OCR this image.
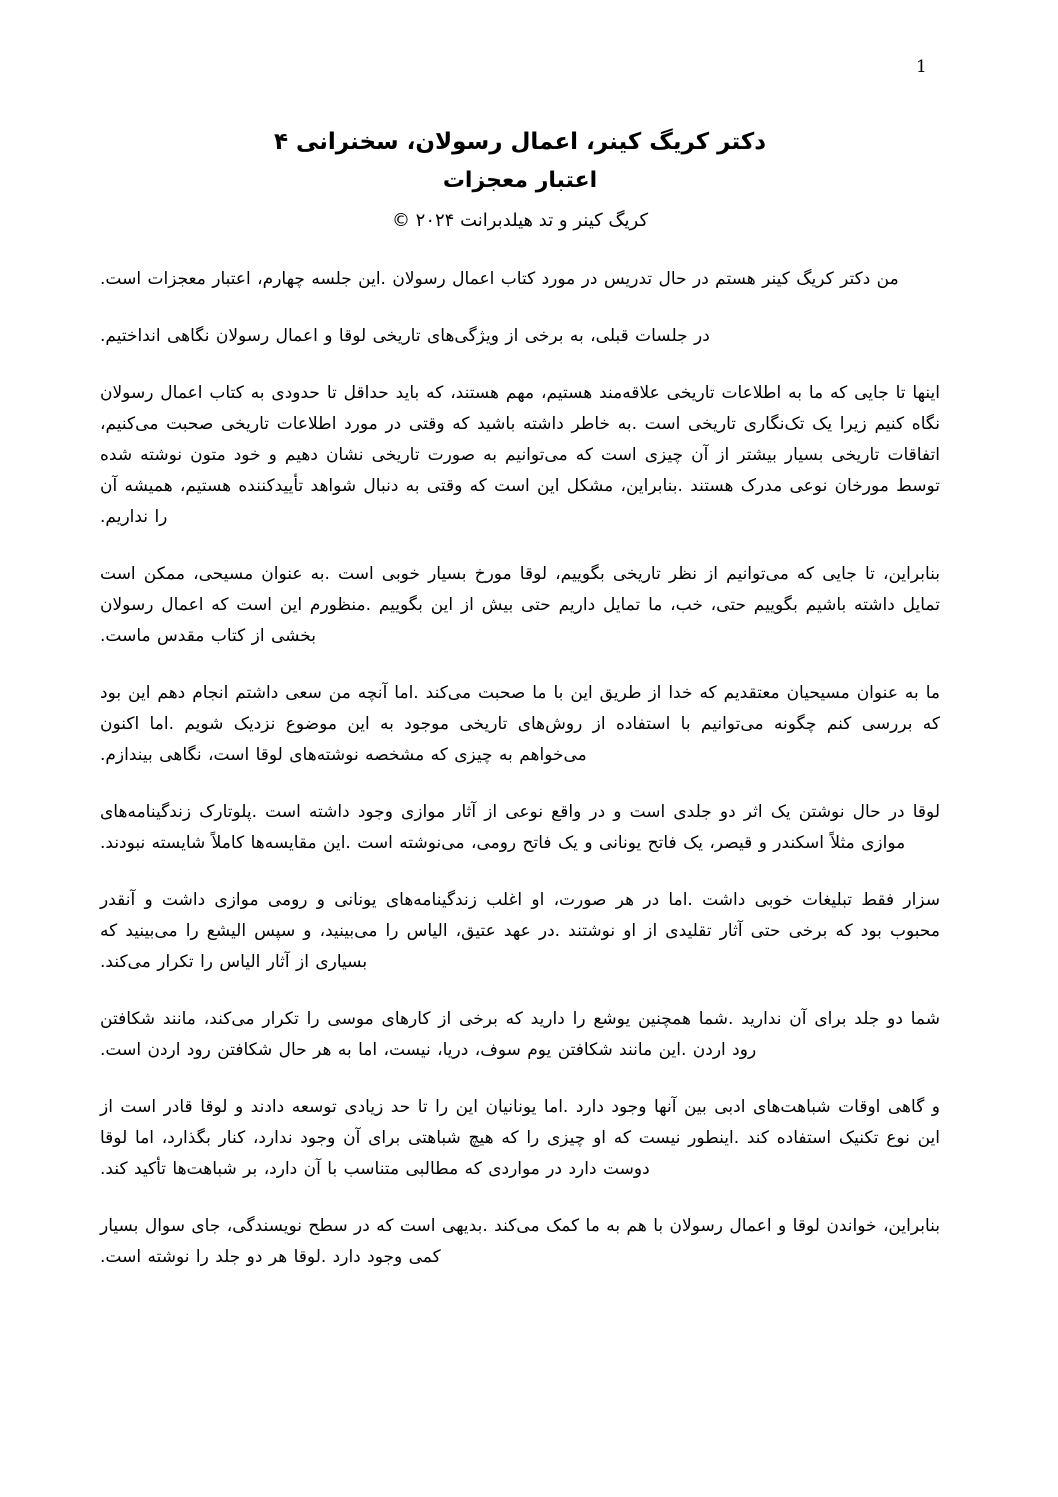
1
دکتر کریگ کینر، اعمال رسولان، سخنرانی ۴
اعتبار معجزات
کریگ کینر و تد هیلدبرانت ۲۰۲۴ ©

من دکتر کریگ کینر هستم در حال تدریس در مورد کتاب اعمال رسولان .این جلسه چهارم، اعتبار معجزات است.‏

در جلسات قبلی، به برخی از ویژگی‌های تاریخی لوقا و اعمال رسولان نگاهی انداختیم.‏

اینها تا جایی که ما به اطلاعات تاریخی علاقه‌مند هستیم، مهم هستند، که باید حداقل تا حدودی به کتاب اعمال رسولان نگاه کنیم زیرا یک تک‌نگاری تاریخی است .به خاطر داشته باشید که وقتی در مورد اطلاعات تاریخی صحبت می‌کنیم، اتفاقات تاریخی بسیار بیشتر از آن چیزی است که می‌توانیم به صورت تاریخی نشان دهیم و خود متون نوشته شده توسط مورخان نوعی مدرک هستند .بنابراین، مشکل این است که وقتی به دنبال شواهد تأییدکننده هستیم، همیشه آن را نداریم.‏

بنابراین، تا جایی که می‌توانیم از نظر تاریخی بگوییم، لوقا مورخ بسیار خوبی است .به عنوان مسیحی، ممکن است تمایل داشته باشیم بگوییم حتی، خب، ما تمایل داریم حتی بیش از این بگوییم .منظورم این است که اعمال رسولان بخشی از کتاب مقدس ماست.‏

ما به عنوان مسیحیان معتقدیم که خدا از طریق این با ما صحبت می‌کند .اما آنچه من سعی داشتم انجام دهم این بود که بررسی کنم چگونه می‌توانیم با استفاده از روش‌های تاریخی موجود به این موضوع نزدیک شویم .اما اکنون می‌خواهم به چیزی که مشخصه نوشته‌های لوقا است، نگاهی بیندازم.‏

لوقا در حال نوشتن یک اثر دو جلدی است و در واقع نوعی از آثار موازی وجود داشته است .پلوتارک زندگینامه‌های موازی مثلاً اسکندر و قیصر، یک فاتح یونانی و یک فاتح رومی، می‌نوشته است .این مقایسه‌ها کاملاً شایسته نبودند.‏

سزار فقط تبلیغات خوبی داشت .اما در هر صورت، او اغلب زندگینامه‌های یونانی و رومی موازی داشت و آنقدر محبوب بود که برخی حتی آثار تقلیدی از او نوشتند .در عهد عتیق، الیاس را می‌بینید، و سپس الیشع را می‌بینید که بسیاری از آثار الیاس را تکرار می‌کند.‏

شما دو جلد برای آن ندارید .شما همچنین یوشع را دارید که برخی از کارهای موسی را تکرار می‌کند، مانند شکافتن رود اردن .این مانند شکافتن یوم سوف، دریا، نیست، اما به هر حال شکافتن رود اردن است.‏

و گاهی اوقات شباهت‌های ادبی بین آنها وجود دارد .اما یونانیان این را تا حد زیادی توسعه دادند و لوقا قادر است از این نوع تکنیک استفاده کند .اینطور نیست که او چیزی را که هیچ شباهتی برای آن وجود ندارد، کنار بگذارد، اما لوقا دوست دارد در مواردی که مطالبی متناسب با آن دارد، بر شباهت‌ها تأکید کند.‏

بنابراین، خواندن لوقا و اعمال رسولان با هم به ما کمک می‌کند .بدیهی است که در سطح نویسندگی، جای سوال بسیار کمی وجود دارد .لوقا هر دو جلد را نوشته است.‏
